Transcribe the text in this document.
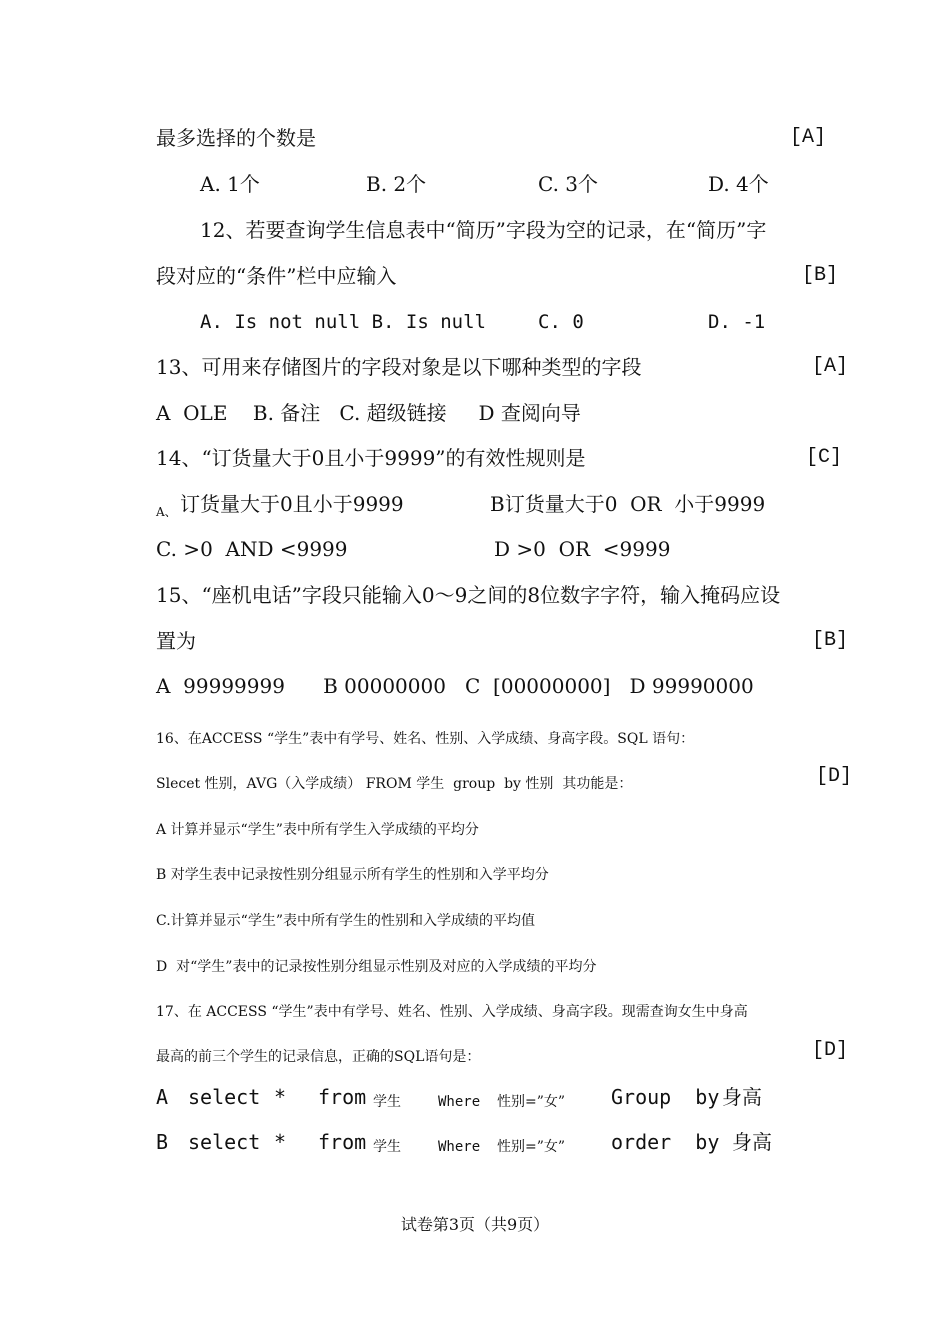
最多选择的个数是	[A]
A. 1个	B. 2个	C. 3个	D. 4个
12、若要查询学生信息表中“简历”字段为空的记录，在“简历”字
段对应的“条件”栏中应输入	[B]
A. Is not null B. Is null	C. 0	D. -1
13、可用来存储图片的字段对象是以下哪种类型的字段	[A]
A  OLE    B. 备注   C. 超级链接     D 查阅向导
14、“订货量大于0且小于9999”的有效性规则是	[C]
A、 订货量大于0且小于9999	B订货量大于0  OR  小于9999
C. >0  AND <9999	D >0  OR  <9999
15、“座机电话”字段只能输入0～9之间的8位数字字符，输入掩码应设
置为	[B]
A  99999999      B 00000000   C  [00000000]   D 99990000
16、在ACCESS “学生”表中有学号、姓名、性别、入学成绩、身高字段。SQL 语句：
Slecet 性别，AVG（入学成绩） FROM 学生  group  by 性别  其功能是：	[D]
A 计算并显示“学生”表中所有学生入学成绩的平均分
B 对学生表中记录按性别分组显示所有学生的性别和入学平均分
C.计算并显示“学生”表中所有学生的性别和入学成绩的平均值
D  对“学生”表中的记录按性别分组显示性别及对应的入学成绩的平均分
17、在 ACCESS “学生”表中有学号、姓名、性别、入学成绩、身高字段。现需查询女生中身高
最高的前三个学生的记录信息，正确的SQL语句是：	[D]
A select * from 学生	Where 性别=”女” Group  by 身高
B select * from 学生	Where 性别=”女” order  by 身高
试卷第3页（共9页）
